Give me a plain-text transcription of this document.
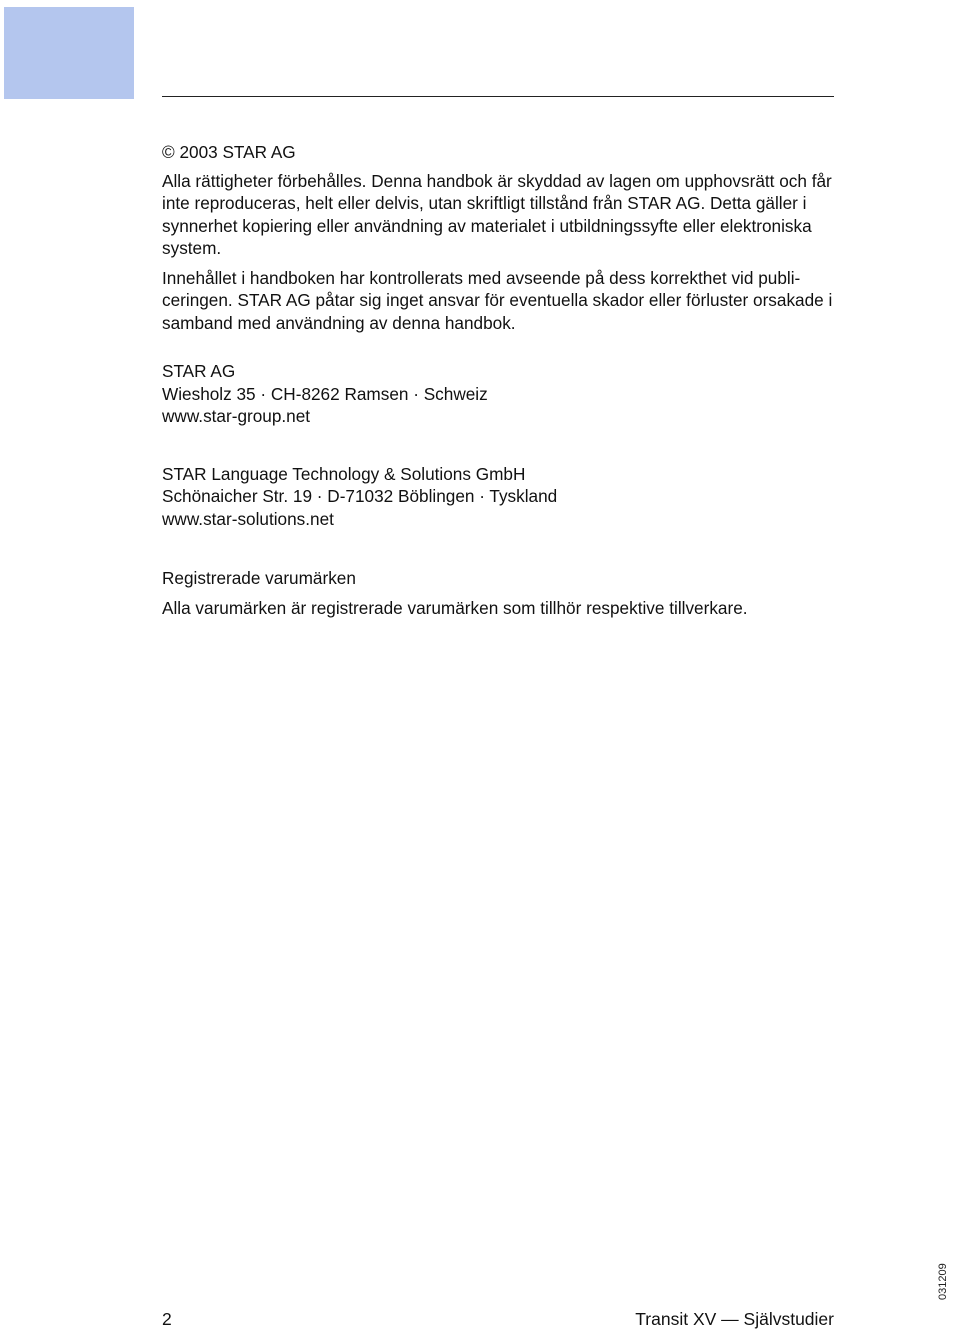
© 2003 STAR AG

Alla rättigheter förbehålles. Denna handbok är skyddad av lagen om upphovsrätt och får inte reproduceras, helt eller delvis, utan skriftligt tillstånd från STAR AG. Detta gäller i synnerhet kopiering eller användning av materialet i utbildningssyfte eller elektroniska system.

Innehållet i handboken har kontrollerats med avseende på dess korrekthet vid publiceringen. STAR AG påtar sig inget ansvar för eventuella skador eller förluster orsakade i samband med användning av denna handbok.

STAR AG

Wiesholz 35 · CH-8262 Ramsen · Schweiz

www.star-group.net

STAR Language Technology & Solutions GmbH

Schönaicher Str. 19 · D-71032 Böblingen · Tyskland

www.star-solutions.net

Registrerade varumärken

Alla varumärken är registrerade varumärken som tillhör respektive tillverkare.

2	Transit XV — Självstudier
031209
